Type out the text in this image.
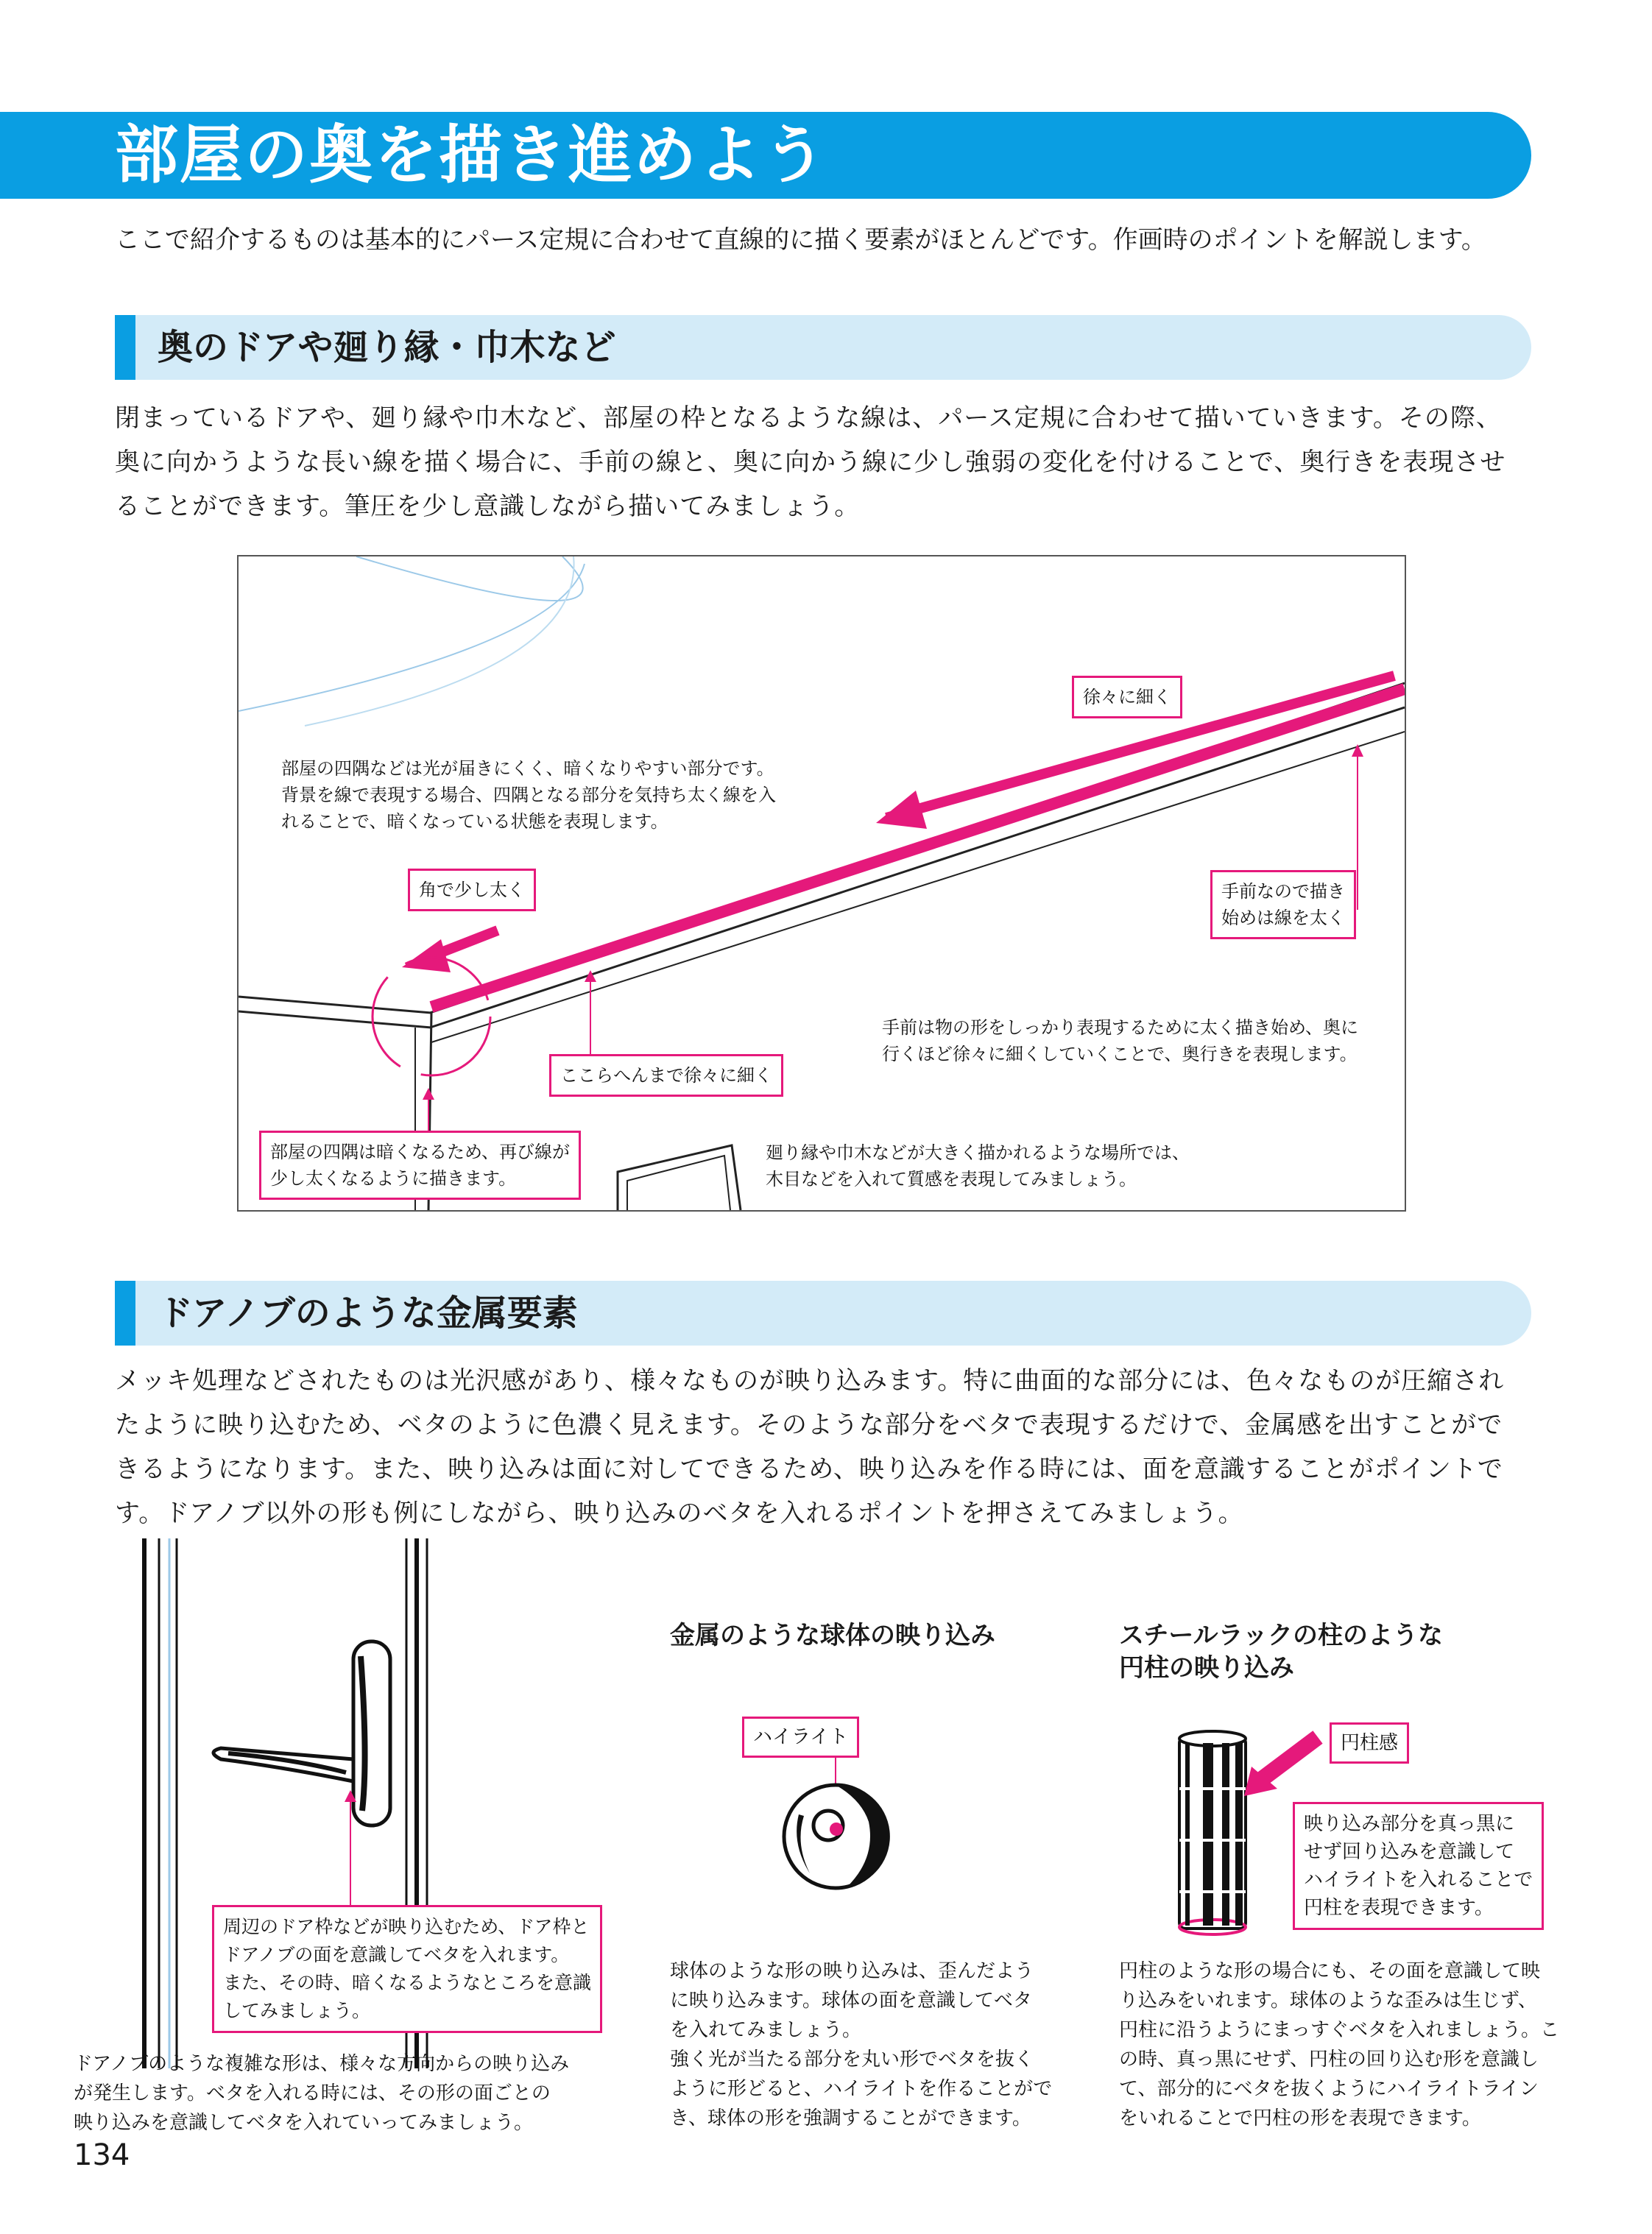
部屋の奥を描き進めよう
ここで紹介するものは基本的にパース定規に合わせて直線的に描く要素がほとんどです。作画時のポイントを解説します。
奥のドアや廻り縁・巾木など

閉まっているドアや、廻り縁や巾木など、部屋の枠となるような線は、パース定規に合わせて描いていきます。その際、

奥に向かうような長い線を描く場合に、手前の線と、奥に向かう線に少し強弱の変化を付けることで、奥行きを表現させ

ることができます。筆圧を少し意識しながら描いてみましょう。

徐々に細く
部屋の四隅などは光が届きにくく、暗くなりやすい部分です。
背景を線で表現する場合、四隅となる部分を気持ち太く線を入
れることで、暗くなっている状態を表現します。
角で少し太く	手前なので描き
始めは線を太く
手前は物の形をしっかり表現するために太く描き始め、奥に
行くほど徐々に細くしていくことで、奥行きを表現します。
ここらへんまで徐々に細く
部屋の四隅は暗くなるため、再び線が
少し太くなるように描きます。
廻り縁や巾木などが大きく描かれるような場所では、
木目などを入れて質感を表現してみましょう。
ドアノブのような金属要素

メッキ処理などされたものは光沢感があり、様々なものが映り込みます。特に曲面的な部分には、色々なものが圧縮され

たように映り込むため、ベタのように色濃く見えます。そのような部分をベタで表現するだけで、金属感を出すことがで

きるようになります。また、映り込みは面に対してできるため、映り込みを作る時には、面を意識することがポイントで

す。ドアノブ以外の形も例にしながら、映り込みのベタを入れるポイントを押さえてみましょう。

周辺のドア枠などが映り込むため、ドア枠と
ドアノブの面を意識してベタを入れます。
また、その時、暗くなるようなところを意識
してみましょう。
ドアノブのような複雑な形は、様々な方向からの映り込み
が発生します。ベタを入れる時には、その形の面ごとの
映り込みを意識してベタを入れていってみましょう。
金属のような球体の映り込み
ハイライト
球体のような形の映り込みは、歪んだよう
に映り込みます。球体の面を意識してベタ
を入れてみましょう。
強く光が当たる部分を丸い形でベタを抜く
ように形どると、ハイライトを作ることがで
き、球体の形を強調することができます。
スチールラックの柱のような
円柱の映り込み
円柱感
映り込み部分を真っ黒に
せず回り込みを意識して
ハイライトを入れることで
円柱を表現できます。
円柱のような形の場合にも、その面を意識して映
り込みをいれます。球体のような歪みは生じず、
円柱に沿うようにまっすぐベタを入れましょう。こ
の時、真っ黒にせず、円柱の回り込む形を意識し
て、部分的にベタを抜くようにハイライトライン
をいれることで円柱の形を表現できます。
134
